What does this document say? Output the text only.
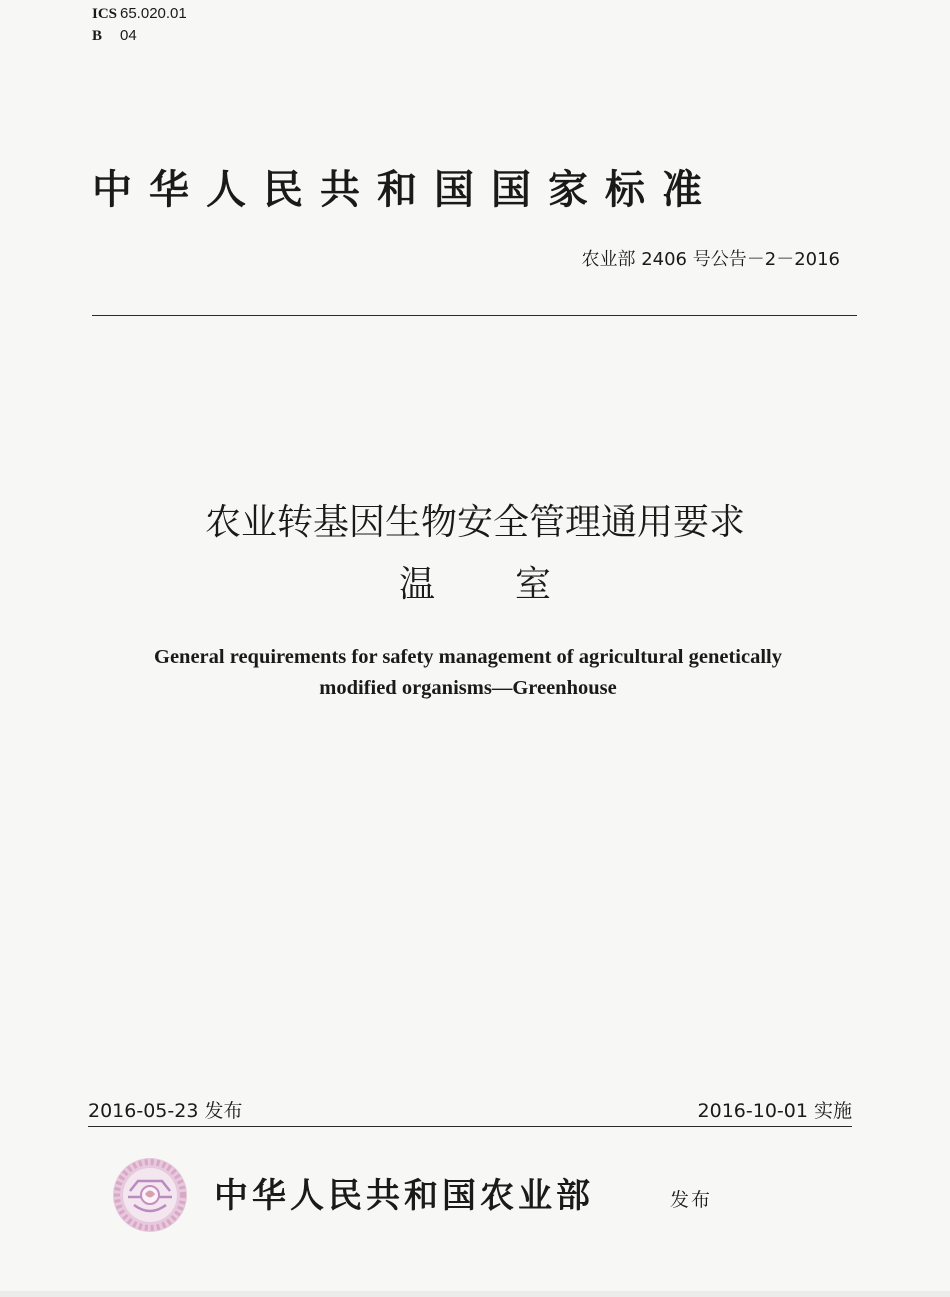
ICS 65.020.01
B 04
中华人民共和国国家标准
农业部 2406 号公告－2－2016
农业转基因生物安全管理通用要求
温室
General requirements for safety management of agricultural genetically
modified organisms—Greenhouse
2016-05-23 发布	2016-10-01 实施
中华人民共和国农业部	发布
